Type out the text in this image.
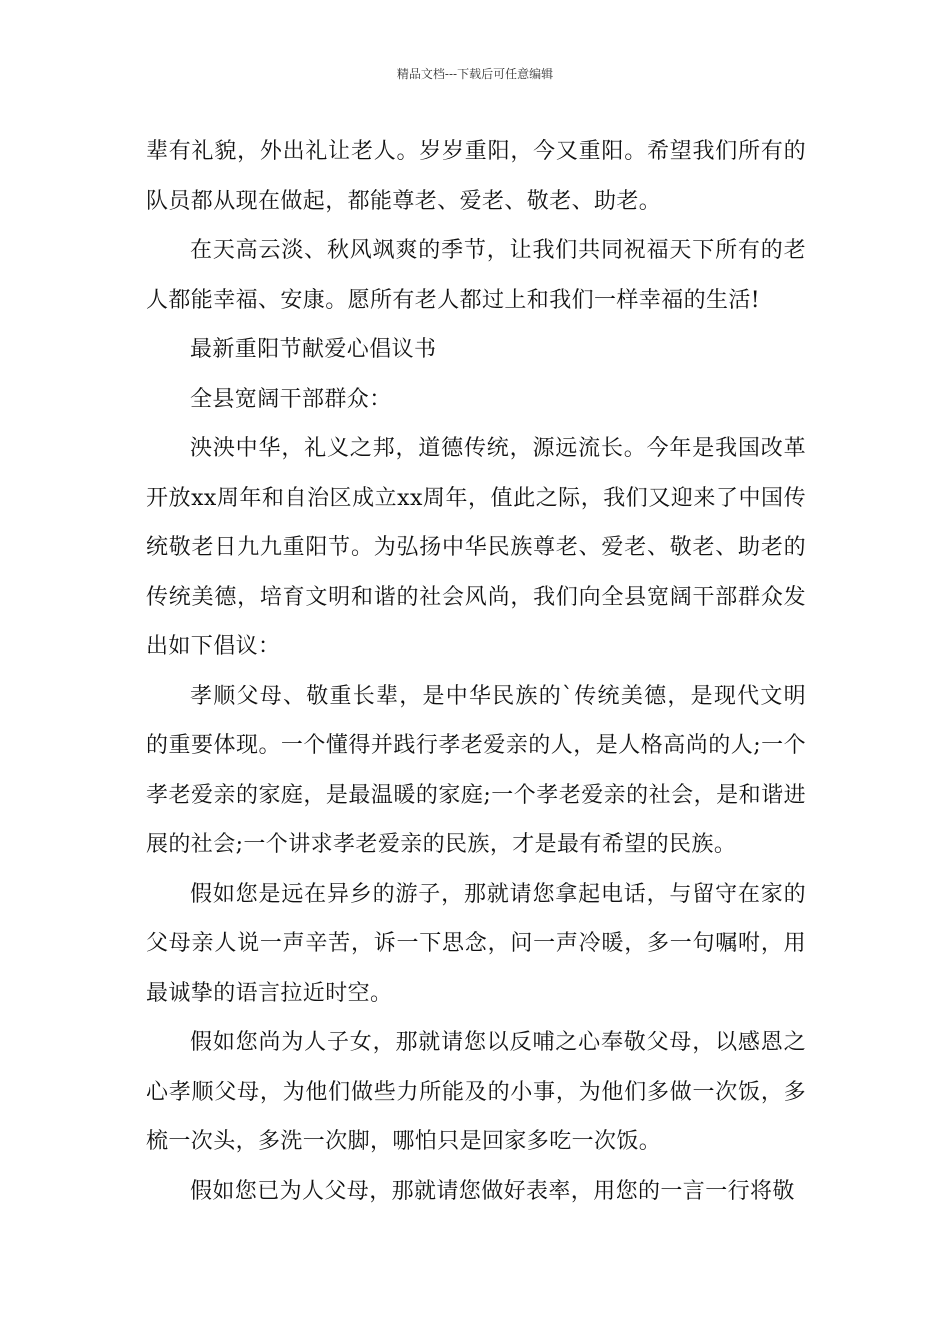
精品文档---下载后可任意编辑

辈有礼貌，外出礼让老人。岁岁重阳，今又重阳。希望我们所有的队员都从现在做起，都能尊老、爱老、敬老、助老。

在天高云淡、秋风飒爽的季节，让我们共同祝福天下所有的老人都能幸福、安康。愿所有老人都过上和我们一样幸福的生活!

最新重阳节献爱心倡议书

全县宽阔干部群众：

泱泱中华，礼义之邦，道德传统，源远流长。今年是我国改革开放xx周年和自治区成立xx周年，值此之际，我们又迎来了中国传统敬老日九九重阳节。为弘扬中华民族尊老、爱老、敬老、助老的传统美德，培育文明和谐的社会风尚，我们向全县宽阔干部群众发出如下倡议：

孝顺父母、敬重长辈，是中华民族的`传统美德，是现代文明的重要体现。一个懂得并践行孝老爱亲的人，是人格高尚的人;一个孝老爱亲的家庭，是最温暖的家庭;一个孝老爱亲的社会，是和谐进展的社会;一个讲求孝老爱亲的民族，才是最有希望的民族。

假如您是远在异乡的游子，那就请您拿起电话，与留守在家的父母亲人说一声辛苦，诉一下思念，问一声冷暖，多一句嘱咐，用最诚挚的语言拉近时空。

假如您尚为人子女，那就请您以反哺之心奉敬父母，以感恩之心孝顺父母，为他们做些力所能及的小事，为他们多做一次饭，多梳一次头，多洗一次脚，哪怕只是回家多吃一次饭。

假如您已为人父母，那就请您做好表率，用您的一言一行将敬
